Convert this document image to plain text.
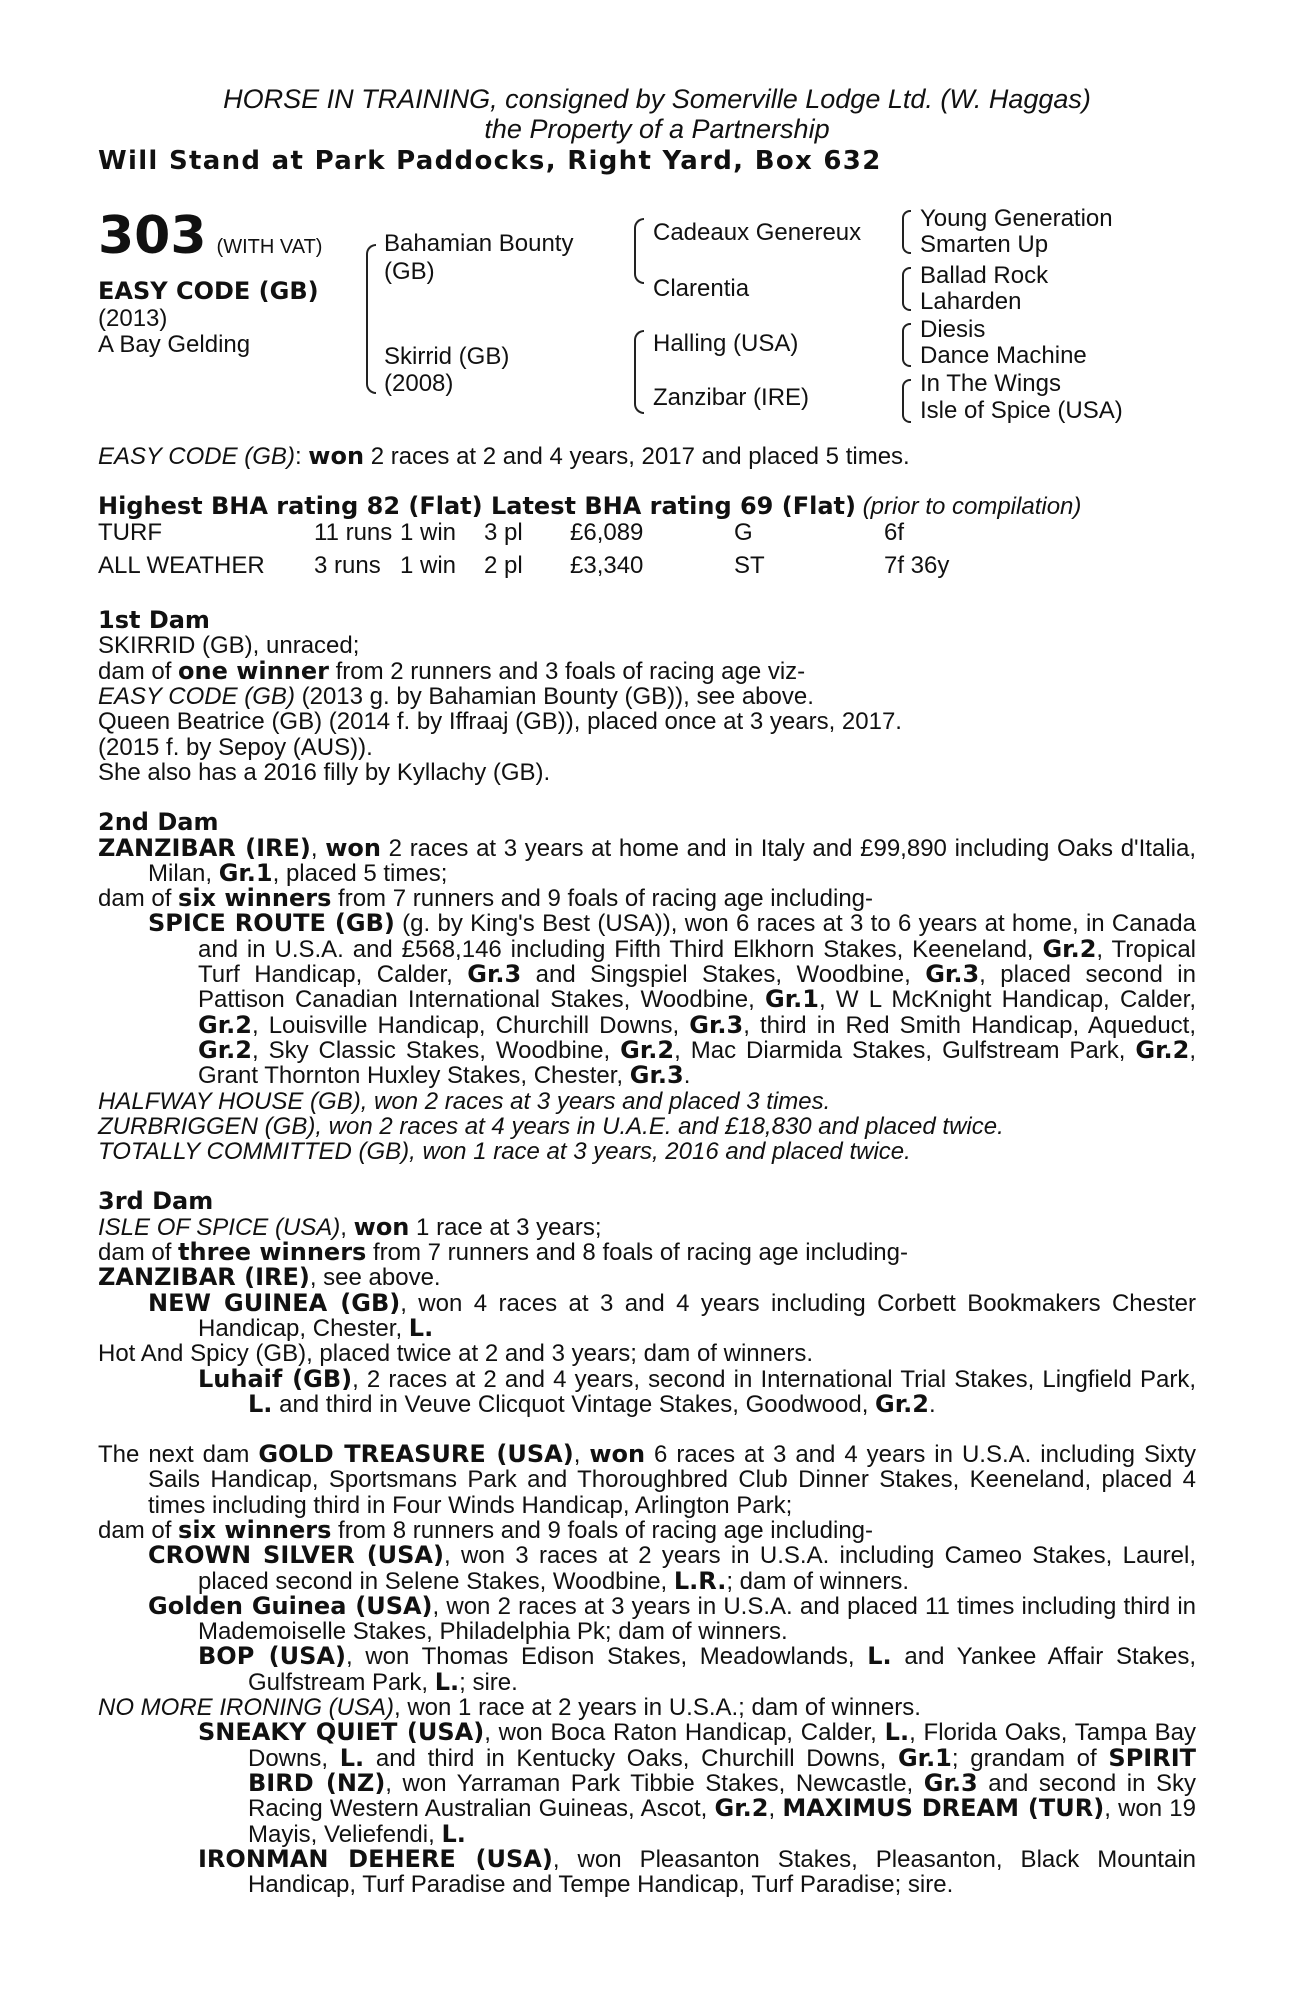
HORSE IN TRAINING, consigned by Somerville Lodge Ltd. (W. Haggas)
the Property of a Partnership
Will Stand at Park Paddocks, Right Yard, Box 632
303 (WITH VAT)
EASY CODE (GB)
(2013)
A Bay Gelding
Bahamian Bounty
(GB)
Skirrid (GB)
(2008)
Cadeaux Genereux
Clarentia
Halling (USA)
Zanzibar (IRE)
Young Generation
Smarten Up
Ballad Rock
Laharden
Diesis
Dance Machine
In The Wings
Isle of Spice (USA)

EASY CODE (GB): won 2 races at 2 and 4 years, 2017 and placed 5 times.

Highest BHA rating 82 (Flat) Latest BHA rating 69 (Flat) (prior to compilation)

TURF	11 runs 1 win	3 pl	£6,089	G	6f
ALL WEATHER	3 runs 1 win	2 pl	£3,340	ST	7f 36y

1st Dam

SKIRRID (GB), unraced;

dam of one winner from 2 runners and 3 foals of racing age viz-

EASY CODE (GB) (2013 g. by Bahamian Bounty (GB)), see above.

Queen Beatrice (GB) (2014 f. by Iffraaj (GB)), placed once at 3 years, 2017.

(2015 f. by Sepoy (AUS)).

She also has a 2016 filly by Kyllachy (GB).

2nd Dam

ZANZIBAR (IRE), won 2 races at 3 years at home and in Italy and £99,890 including Oaks d'Italia, Milan, Gr.1, placed 5 times;

dam of six winners from 7 runners and 9 foals of racing age including-

SPICE ROUTE (GB) (g. by King's Best (USA)), won 6 races at 3 to 6 years at home, in Canada and in U.S.A. and £568,146 including Fifth Third Elkhorn Stakes, Keeneland, Gr.2, Tropical Turf Handicap, Calder, Gr.3 and Singspiel Stakes, Woodbine, Gr.3, placed second in Pattison Canadian International Stakes, Woodbine, Gr.1, W L McKnight Handicap, Calder, Gr.2, Louisville Handicap, Churchill Downs, Gr.3, third in Red Smith Handicap, Aqueduct, Gr.2, Sky Classic Stakes, Woodbine, Gr.2, Mac Diarmida Stakes, Gulfstream Park, Gr.2, Grant Thornton Huxley Stakes, Chester, Gr.3.

HALFWAY HOUSE (GB), won 2 races at 3 years and placed 3 times.

ZURBRIGGEN (GB), won 2 races at 4 years in U.A.E. and £18,830 and placed twice.

TOTALLY COMMITTED (GB), won 1 race at 3 years, 2016 and placed twice.

3rd Dam

ISLE OF SPICE (USA), won 1 race at 3 years;

dam of three winners from 7 runners and 8 foals of racing age including-

ZANZIBAR (IRE), see above.

NEW GUINEA (GB), won 4 races at 3 and 4 years including Corbett Bookmakers Chester Handicap, Chester, L.

Hot And Spicy (GB), placed twice at 2 and 3 years; dam of winners.

Luhaif (GB), 2 races at 2 and 4 years, second in International Trial Stakes, Lingfield Park, L. and third in Veuve Clicquot Vintage Stakes, Goodwood, Gr.2.

The next dam GOLD TREASURE (USA), won 6 races at 3 and 4 years in U.S.A. including Sixty Sails Handicap, Sportsmans Park and Thoroughbred Club Dinner Stakes, Keeneland, placed 4 times including third in Four Winds Handicap, Arlington Park;

dam of six winners from 8 runners and 9 foals of racing age including-

CROWN SILVER (USA), won 3 races at 2 years in U.S.A. including Cameo Stakes, Laurel, placed second in Selene Stakes, Woodbine, L.R.; dam of winners.

Golden Guinea (USA), won 2 races at 3 years in U.S.A. and placed 11 times including third in Mademoiselle Stakes, Philadelphia Pk; dam of winners.

BOP (USA), won Thomas Edison Stakes, Meadowlands, L. and Yankee Affair Stakes, Gulfstream Park, L.; sire.

NO MORE IRONING (USA), won 1 race at 2 years in U.S.A.; dam of winners.

SNEAKY QUIET (USA), won Boca Raton Handicap, Calder, L., Florida Oaks, Tampa Bay Downs, L. and third in Kentucky Oaks, Churchill Downs, Gr.1; grandam of SPIRIT BIRD (NZ), won Yarraman Park Tibbie Stakes, Newcastle, Gr.3 and second in Sky Racing Western Australian Guineas, Ascot, Gr.2, MAXIMUS DREAM (TUR), won 19 Mayis, Veliefendi, L.

IRONMAN DEHERE (USA), won Pleasanton Stakes, Pleasanton, Black Mountain Handicap, Turf Paradise and Tempe Handicap, Turf Paradise; sire.
